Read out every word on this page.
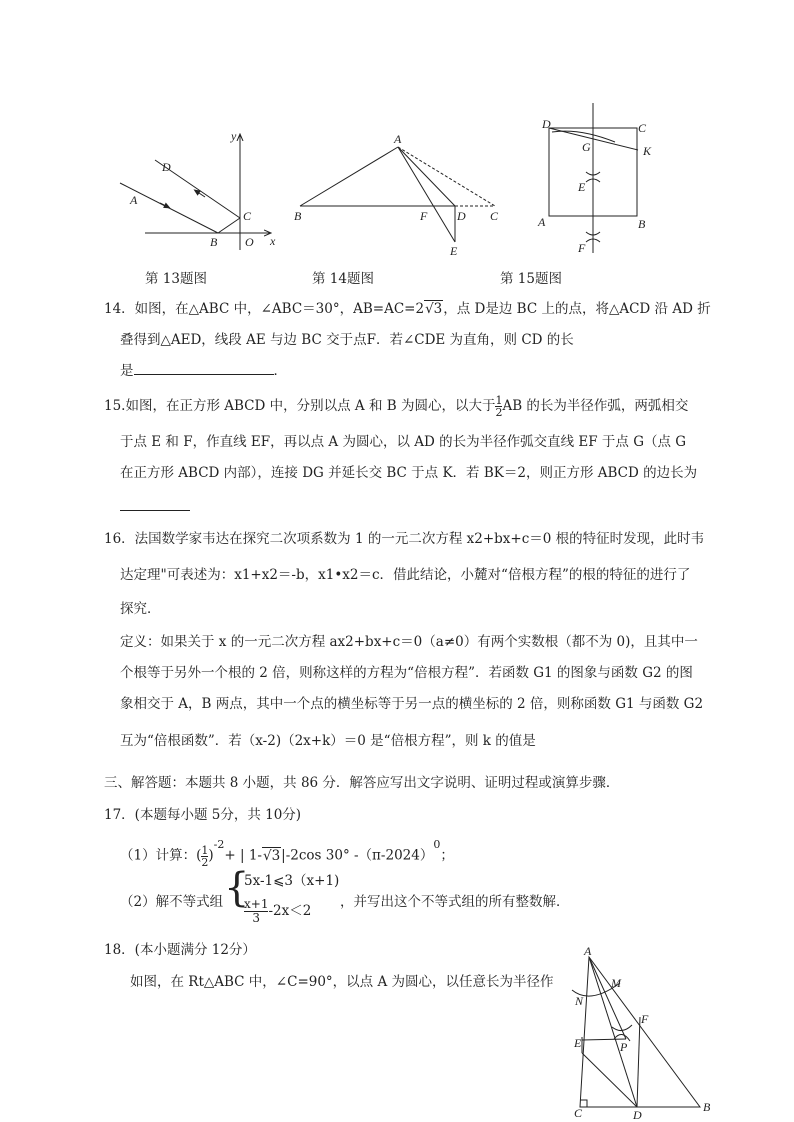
y
x
D
A
C
B O
第 13题图
A
B	F D C
E
第 14题图
D	C
G	K
E
A	B
F
第 15题图
14．如图，在△ABC 中，∠ABC＝30°，AB=AC=2√3，点 D是边 BC 上的点，将△ACD 沿 AD 折
叠得到△AED，线段 AE 与边 BC 交于点F．若∠CDE 为直角，则 CD 的长
是	．
15.如图，在正方形 ABCD 中，分别以点 A 和 B 为圆心，以大于 $\frac{1}{2}$ AB 的长为半径作弧，两弧相交
于点 E 和 F，作直线 EF，再以点 A 为圆心，以 AD 的长为半径作弧交直线 EF 于点 G（点 G
在正方形 ABCD 内部），连接 DG 并延长交 BC 于点 K．若 BK＝2，则正方形 ABCD 的边长为
16．法国数学家韦达在探究二次项系数为 1 的一元二次方程 x2+bx+c＝0 根的特征时发现，此时韦
达定理"可表述为：x1+x2＝-b，x1•x2＝c．借此结论，小麓对“倍根方程”的根的特征的进行了
探究．
定义：如果关于 x 的一元二次方程 ax2+bx+c＝0（a≠0）有两个实数根（都不为 0)，且其中一
个根等于另外一个根的 2 倍，则称这样的方程为“倍根方程”．若函数 G1 的图象与函数 G2 的图
象相交于 A，B 两点，其中一个点的横坐标等于另一点的横坐标的 2 倍，则称函数 G1 与函数 G2
互为“倍根函数”．若（x-2)（2x+k）＝0 是“倍根方程”，则 k 的值是
三、解答题：本题共 8 小题，共 86 分．解答应写出文字说明、证明过程或演算步骤．
17．(本题每小题 5分，共 10分)
（1）计算：( $\frac{1}{2} )^{-2}+$ | 1-√3|-2cos 30° $-(\pi-2024)^0$；
（2）解不等式组 {
5x-1⩽3（x+1)
$\frac{x+1}{3} -2x<2$
，并写出这个不等式组的所有整数解．
18．(本小题满分 12分）
如图，在 Rt△ABC 中，∠C=90°，以点 A 为圆心，以任意长为半径作
A
M
N
F
E	P
C	D
B
